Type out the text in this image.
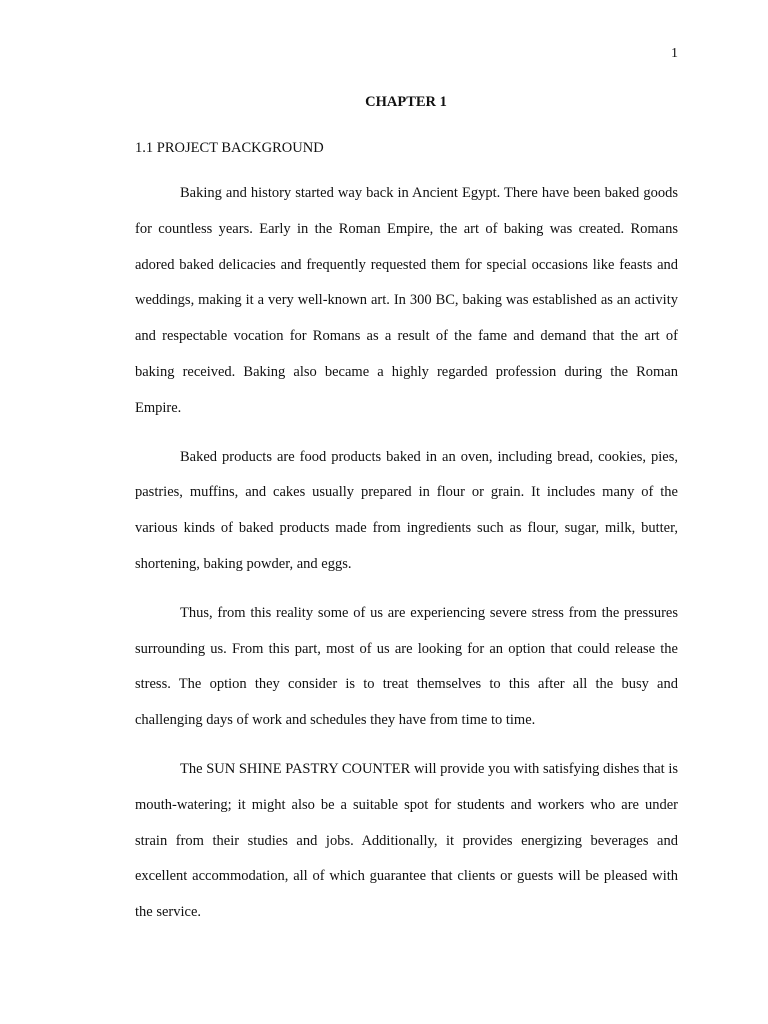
1
CHAPTER 1
1.1 PROJECT BACKGROUND

Baking and history started way back in Ancient Egypt. There have been baked goods for countless years. Early in the Roman Empire, the art of baking was created. Romans adored baked delicacies and frequently requested them for special occasions like feasts and weddings, making it a very well-known art. In 300 BC, baking was established as an activity and respectable vocation for Romans as a result of the fame and demand that the art of baking received. Baking also became a highly regarded profession during the Roman Empire.

Baked products are food products baked in an oven, including bread, cookies, pies, pastries, muffins, and cakes usually prepared in flour or grain. It includes many of the various kinds of baked products made from ingredients such as flour, sugar, milk, butter, shortening, baking powder, and eggs.

Thus, from this reality some of us are experiencing severe stress from the pressures surrounding us. From this part, most of us are looking for an option that could release the stress. The option they consider is to treat themselves to this after all the busy and challenging days of work and schedules they have from time to time.

The SUN SHINE PASTRY COUNTER will provide you with satisfying dishes that is mouth-watering; it might also be a suitable spot for students and workers who are under strain from their studies and jobs. Additionally, it provides energizing beverages and excellent accommodation, all of which guarantee that clients or guests will be pleased with the service.
